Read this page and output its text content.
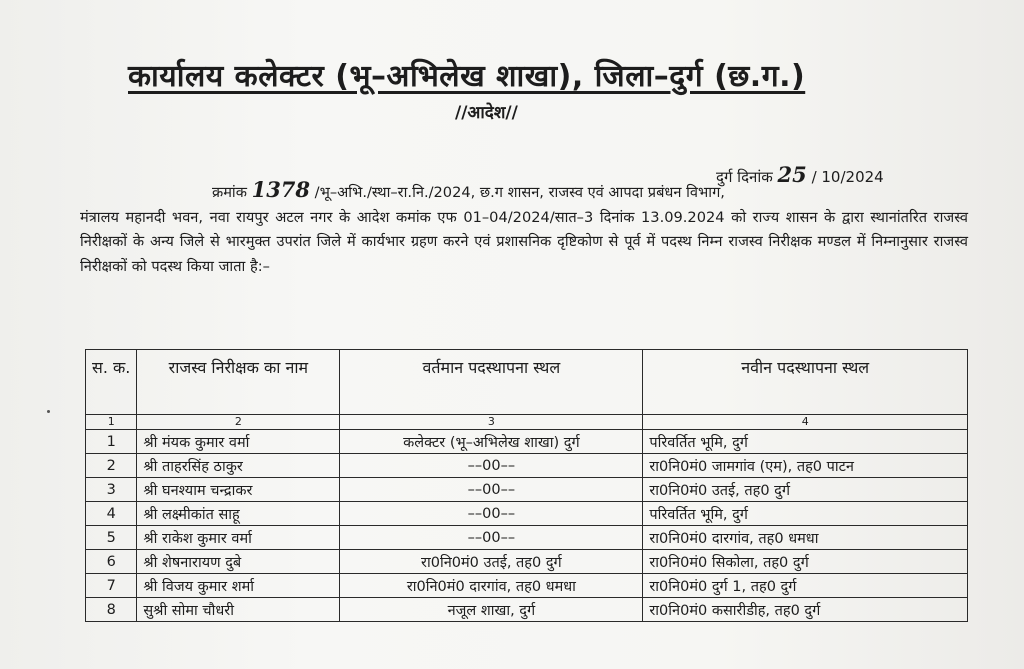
कार्यालय कलेक्टर (भू–अभिलेख शाखा), जिला–दुर्ग (छ.ग.)
//आदेश//
दुर्ग दिनांक 25 / 10/2024

क्रमांक 1378 /भू–अभि./स्था–रा.नि./2024, छ.ग शासन, राजस्व एवं आपदा प्रबंधन विभाग,

मंत्रालय महानदी भवन, नवा रायपुर अटल नगर के आदेश कमांक एफ 01–04/2024/सात–3 दिनांक 13.09.2024 को राज्य शासन के द्वारा स्थानांतरित राजस्व निरीक्षकों के अन्य जिले से भारमुक्त उपरांत जिले में कार्यभार ग्रहण करने एवं प्रशासनिक दृष्टिकोण से पूर्व में पदस्थ निम्न राजस्व निरीक्षक मण्डल में निम्नानुसार राजस्व निरीक्षकों को पदस्थ किया जाता है:–

स. क.	राजस्व निरीक्षक का नाम	वर्तमान पदस्थापना स्थल	नवीन पदस्थापना स्थल
1	2	3	4
1	श्री मंयक कुमार वर्मा	कलेक्टर (भू–अभिलेख शाखा) दुर्ग	परिवर्तित भूमि, दुर्ग
2	श्री ताहरसिंह ठाकुर	––00––	रा0नि0मं0 जामगांव (एम), तह0 पाटन
3	श्री घनश्याम चन्द्राकर	––00––	रा0नि0मं0 उतई, तह0 दुर्ग
4	श्री लक्ष्मीकांत साहू	––00––	परिवर्तित भूमि, दुर्ग
5	श्री राकेश कुमार वर्मा	––00––	रा0नि0मं0 दारगांव, तह0 धमधा
6	श्री शेषनारायण दुबे	रा0नि0मं0 उतई, तह0 दुर्ग	रा0नि0मं0 सिकोला, तह0 दुर्ग
7	श्री विजय कुमार शर्मा	रा0नि0मं0 दारगांव, तह0 धमधा	रा0नि0मं0 दुर्ग 1, तह0 दुर्ग
8	सुश्री सोमा चौधरी	नजूल शाखा, दुर्ग	रा0नि0मं0 कसारीडीह, तह0 दुर्ग
